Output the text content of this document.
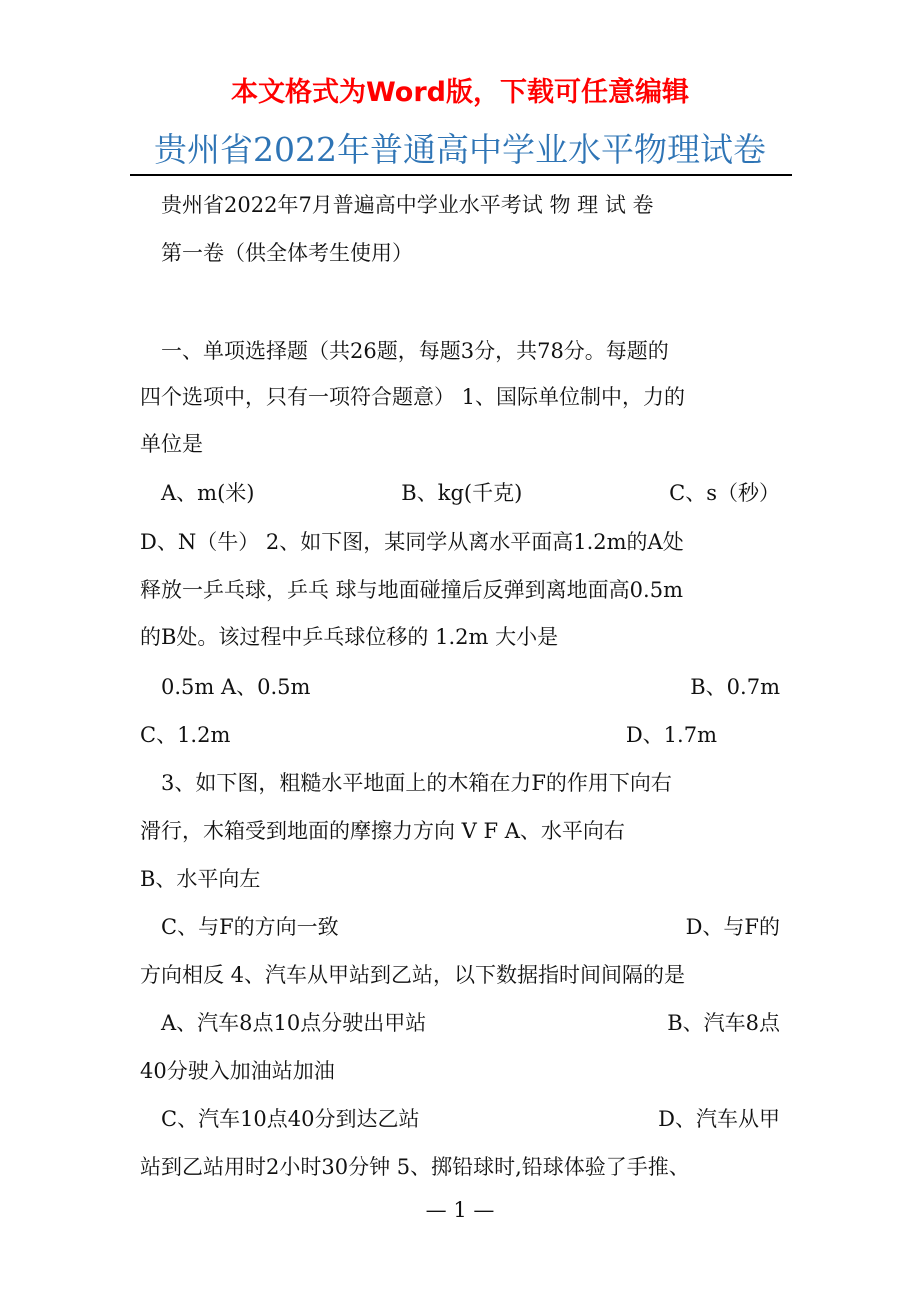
本文格式为Word版，下载可任意编辑
贵州省2022年普通高中学业水平物理试卷
　贵州省2022年7月普遍高中学业水平考试 物 理 试 卷
　第一卷（供全体考生使用）
　一、单项选择题（共26题，每题3分，共78分。每题的
四个选项中，只有一项符合题意） 1、国际单位制中，力的
单位是
　A、m(米)	B、kg(千克)	C、s（秒）
D、N（牛） 2、如下图，某同学从离水平面高1.2m的A处
释放一乒乓球，乒乓 球与地面碰撞后反弹到离地面高0.5m
的B处。该过程中乒乓球位移的 1.2m 大小是
　0.5m A、0.5m	B、0.7m
C、1.2m	D、1.7m　　　
　3、如下图，粗糙水平地面上的木箱在力F的作用下向右
滑行，木箱受到地面的摩擦力方向 V F A、水平向右
B、水平向左
　C、与F的方向一致	D、与F的
方向相反 4、汽车从甲站到乙站，以下数据指时间间隔的是
　A、汽车8点10点分驶出甲站	B、汽车8点
40分驶入加油站加油
　C、汽车10点40分到达乙站	D、汽车从甲
站到乙站用时2小时30分钟 5、掷铅球时,铅球体验了手推、
— 1 —
